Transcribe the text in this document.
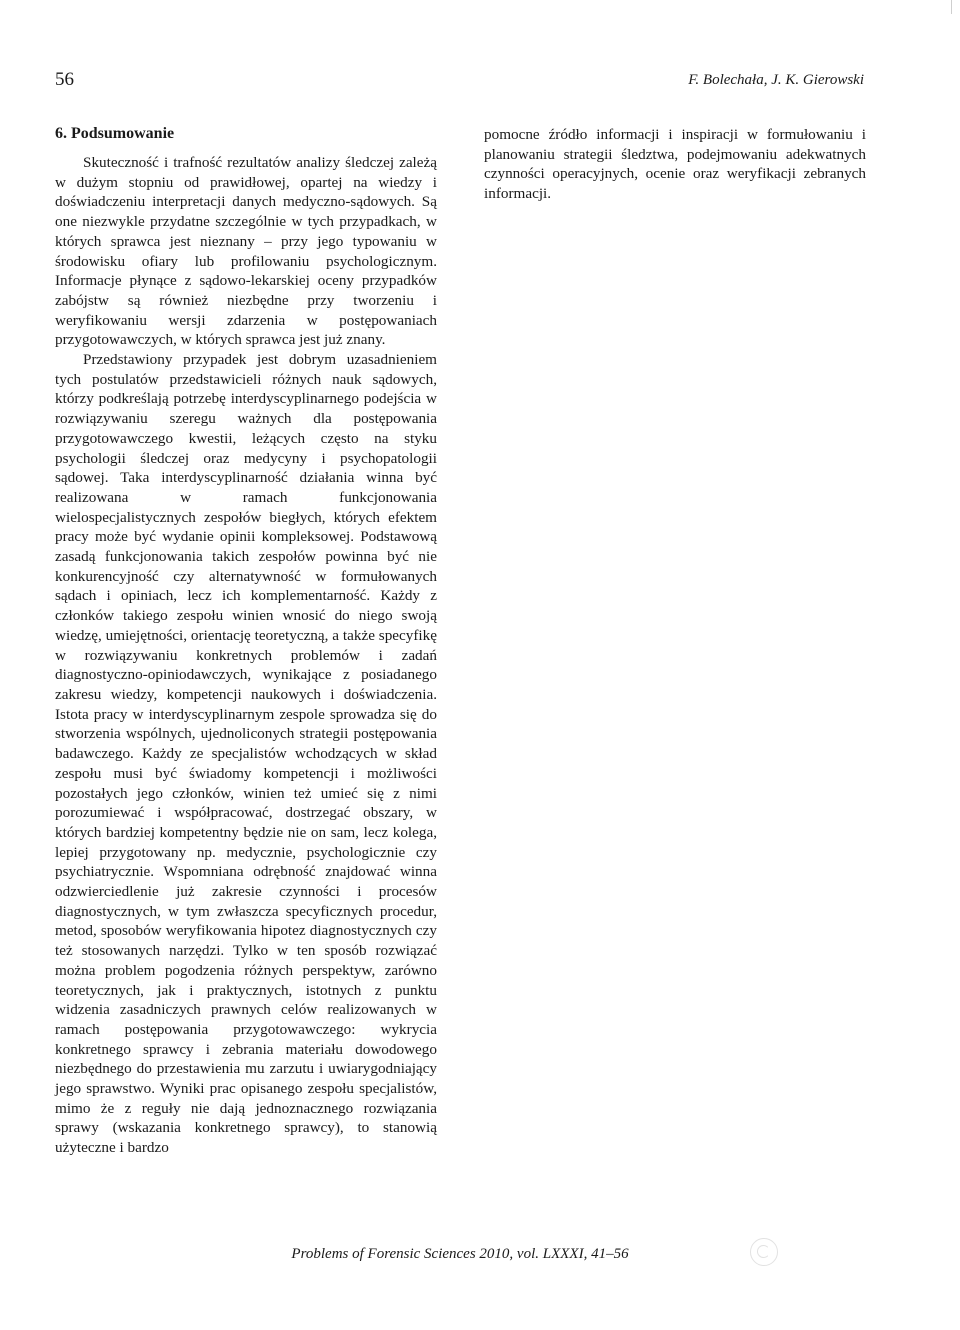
56	F. Bolechała, J. K. Gierowski
6. Podsumowanie

Skuteczność i trafność rezultatów analizy śledczej zależą w dużym stopniu od prawidłowej, opartej na wiedzy i doświadczeniu interpretacji danych medyczno-sądowych. Są one niezwykle przydatne szczególnie w tych przypadkach, w których sprawca jest nieznany – przy jego typowaniu w środowisku ofiary lub profilowaniu psychologicznym. Informacje płynące z sądowo-lekarskiej oceny przypadków zabójstw są również niezbędne przy tworzeniu i weryfikowaniu wersji zdarzenia w postępowaniach przygotowawczych, w których sprawca jest już znany.

Przedstawiony przypadek jest dobrym uzasadnieniem tych postulatów przedstawicieli różnych nauk sądowych, którzy podkreślają potrzebę interdyscyplinarnego podejścia w rozwiązywaniu szeregu ważnych dla postępowania przygotowawczego kwestii, leżących często na styku psychologii śledczej oraz medycyny i psychopatologii sądowej. Taka interdyscyplinarność działania winna być realizowana w ramach funkcjonowania wielospecjalistycznych zespołów biegłych, których efektem pracy może być wydanie opinii kompleksowej. Podstawową zasadą funkcjonowania takich zespołów powinna być nie konkurencyjność czy alternatywność w formułowanych sądach i opiniach, lecz ich komplementarność. Każdy z członków takiego zespołu winien wnosić do niego swoją wiedzę, umiejętności, orientację teoretyczną, a także specyfikę w rozwiązywaniu konkretnych problemów i zadań diagnostyczno-opiniodawczych, wynikające z posiadanego zakresu wiedzy, kompetencji naukowych i doświadczenia. Istota pracy w interdyscyplinarnym zespole sprowadza się do stworzenia wspólnych, ujednoliconych strategii postępowania badawczego. Każdy ze specjalistów wchodzących w skład zespołu musi być świadomy kompetencji i możliwości pozostałych jego członków, winien też umieć się z nimi porozumiewać i współpracować, dostrzegać obszary, w których bardziej kompetentny będzie nie on sam, lecz kolega, lepiej przygotowany np. medycznie, psychologicznie czy psychiatrycznie. Wspomniana odrębność znajdować winna odzwierciedlenie już zakresie czynności i procesów diagnostycznych, w tym zwłaszcza specyficznych procedur, metod, sposobów weryfikowania hipotez diagnostycznych czy też stosowanych narzędzi. Tylko w ten sposób rozwiązać można problem pogodzenia różnych perspektyw, zarówno teoretycznych, jak i praktycznych, istotnych z punktu widzenia zasadniczych prawnych celów realizowanych w ramach postępowania przygotowawczego: wykrycia konkretnego sprawcy i zebrania materiału dowodowego niezbędnego do przestawienia mu zarzutu i uwiarygodniający jego sprawstwo. Wyniki prac opisanego zespołu specjalistów, mimo że z reguły nie dają jednoznacznego rozwiązania sprawy (wskazania konkretnego sprawcy), to stanowią użyteczne i bardzo

pomocne źródło informacji i inspiracji w formułowaniu i planowaniu strategii śledztwa, podejmowaniu adekwatnych czynności operacyjnych, ocenie oraz weryfikacji zebranych informacji.

Problems of Forensic Sciences 2010, vol. LXXXI, 41–56
